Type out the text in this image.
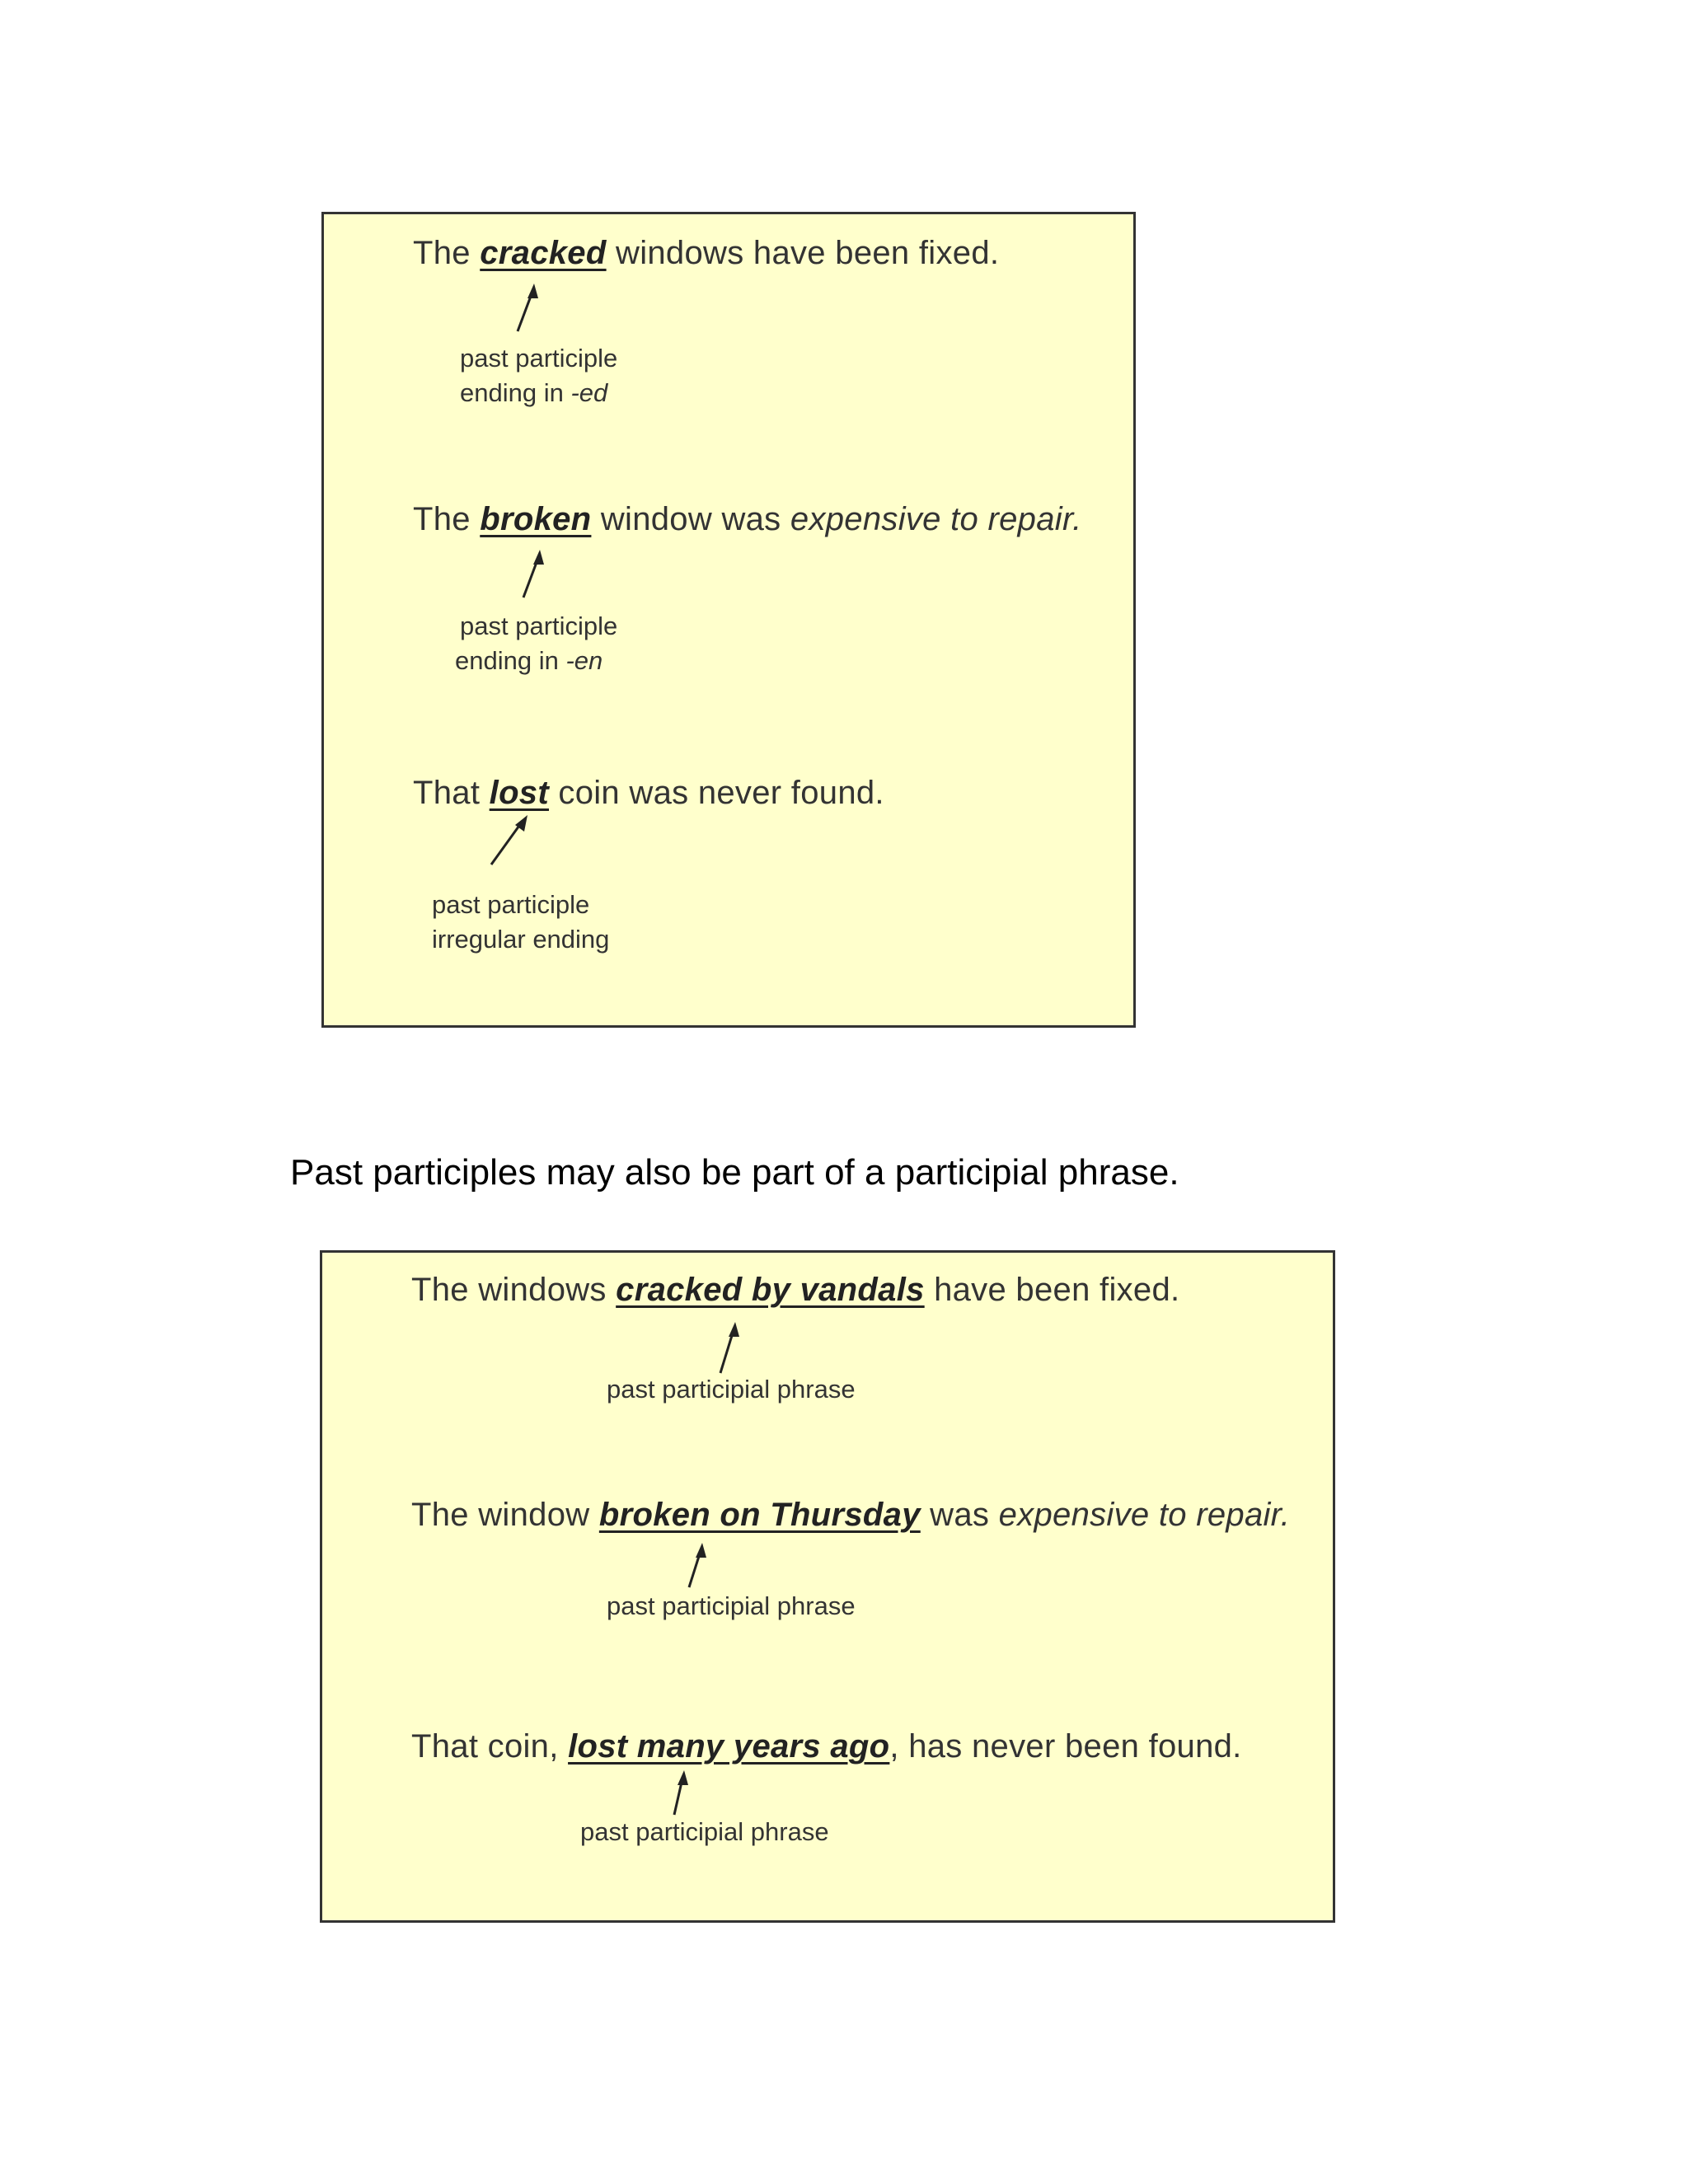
The cracked windows have been fixed.
past participle
ending in -ed
The broken window was expensive to repair.
past participle
ending in -en
That lost coin was never found.
past participle
irregular ending
Past participles may also be part of a participial phrase.
The windows cracked by vandals have been fixed.
past participial phrase
The window broken on Thursday was expensive to repair.
past participial phrase
That coin, lost many years ago, has never been found.
past participial phrase
